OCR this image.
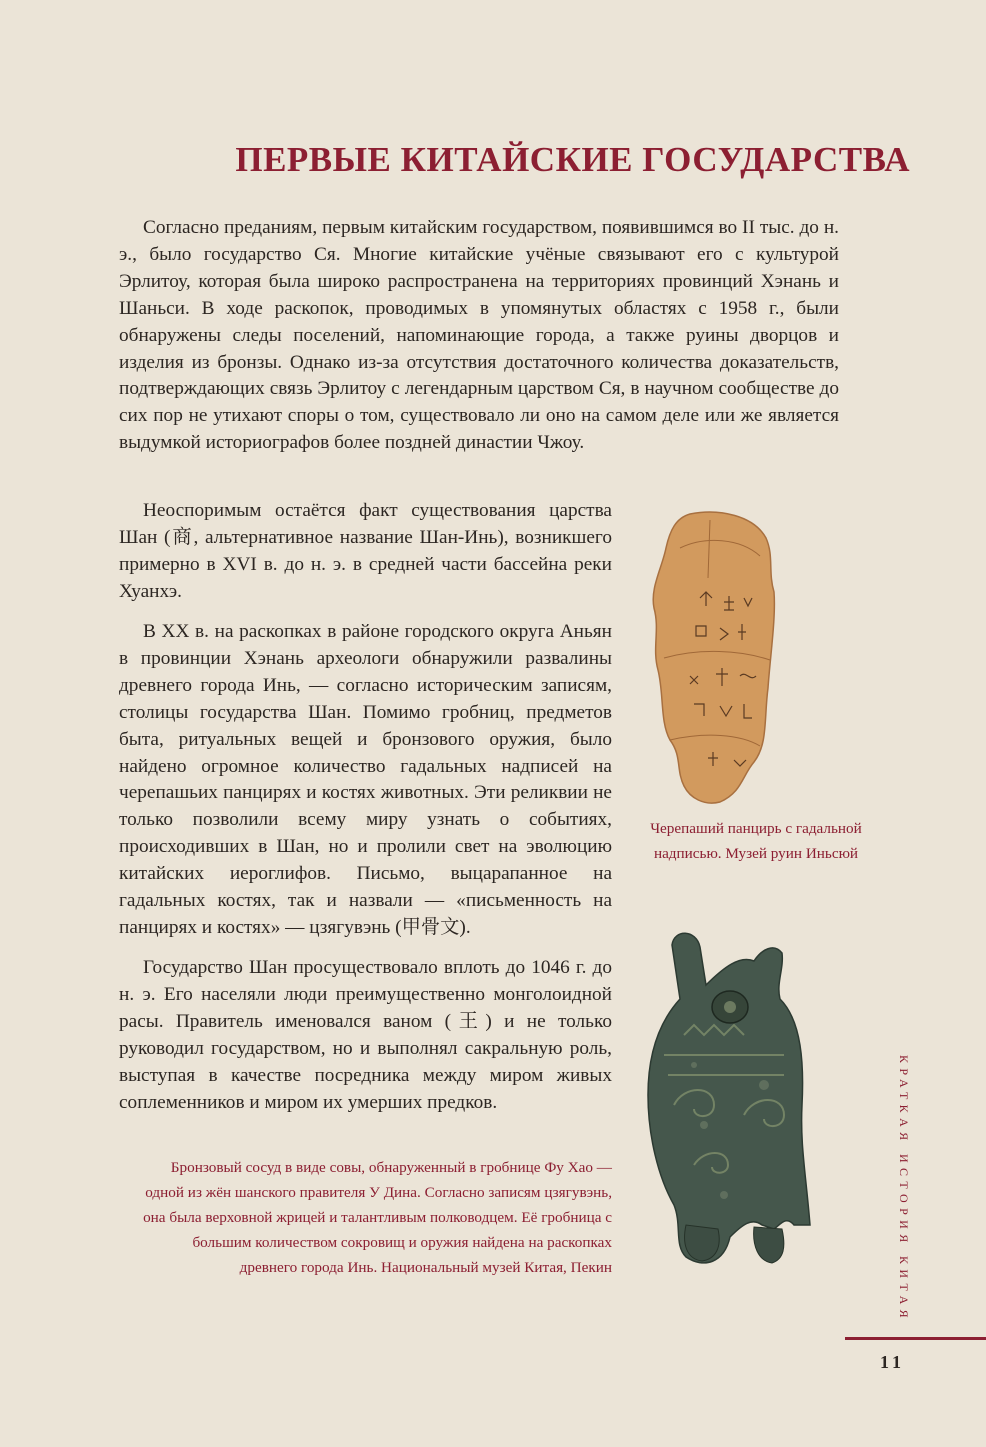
ПЕРВЫЕ КИТАЙСКИЕ ГОСУДАРСТВА

Согласно преданиям, первым китайским государством, появившимся во II тыс. до н. э., было государство Ся. Многие китайские учёные связывают его с культурой Эрлитоу, которая была широко распространена на территориях провинций Хэнань и Шаньси. В ходе раскопок, проводимых в упомянутых областях с 1958 г., были обнаружены следы поселений, напоминающие города, а также руины дворцов и изделия из бронзы. Однако из-за отсутствия достаточного количества доказательств, подтверждающих связь Эрлитоу с легендарным царством Ся, в научном сообществе до сих пор не утихают споры о том, существовало ли оно на самом деле или же является выдумкой историографов более поздней династии Чжоу.

Неоспоримым остаётся факт существования царства Шан (商, альтернативное название Шан-Инь), возникшего примерно в XVI в. до н. э. в средней части бассейна реки Хуанхэ.

В XX в. на раскопках в районе городского округа Аньян в провинции Хэнань археологи обнаружили развалины древнего города Инь, — согласно историческим записям, столицы государства Шан. Помимо гробниц, предметов быта, ритуальных вещей и бронзового оружия, было найдено огромное количество гадальных надписей на черепашьих панцирях и костях животных. Эти реликвии не только позволили всему миру узнать о событиях, происходивших в Шан, но и пролили свет на эволюцию китайских иероглифов. Письмо, выцарапанное на гадальных костях, так и назвали — «письменность на панцирях и костях» — цзягувэнь (甲骨文).

Государство Шан просуществовало вплоть до 1046 г. до н. э. Его населяли люди преимущественно монголоидной расы. Правитель именовался ваном (王) и не только руководил государством, но и выполнял сакральную роль, выступая в качестве посредника между миром живых соплеменников и миром их умерших предков.

Черепаший панцирь с гадальной надписью. Музей руин Иньсюй
Бронзовый сосуд в виде совы, обнаруженный в гробнице Фу Хао — одной из жён шанского правителя У Дина. Согласно записям цзягувэнь, она была верховной жрицей и талантливым полководцем. Её гробница с большим количеством сокровищ и оружия найдена на раскопках древнего города Инь. Национальный музей Китая, Пекин	КРАТКАЯ ИСТОРИЯ КИТАЯ
11
